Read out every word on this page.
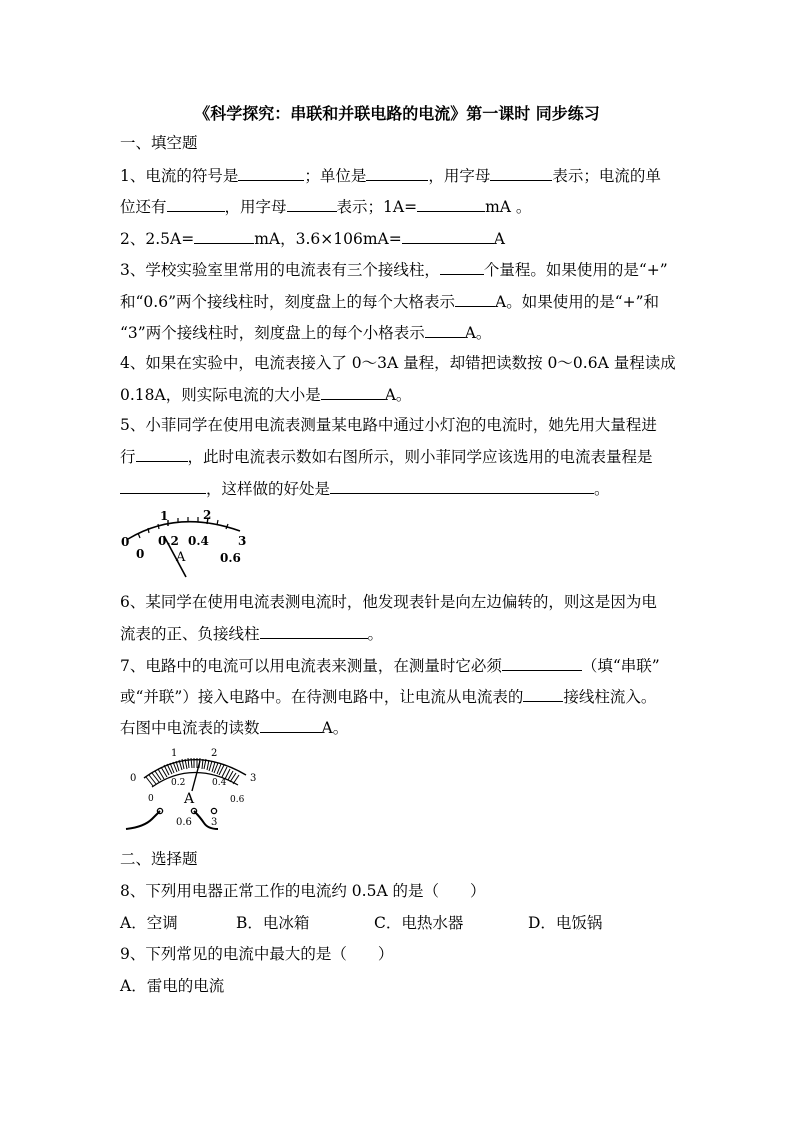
《科学探究：串联和并联电路的电流》第一课时 同步练习
一、填空题
1、电流的符号是	；单位是	，用字母	表示；电流的单
位还有	，用字母	表示；1A=	mA 。
2、2.5A=	mA，3.6×106mA=	A
3、学校实验室里常用的电流表有三个接线柱，	个量程。如果使用的是“+”
和“0.6”两个接线柱时，刻度盘上的每个大格表示	A。如果使用的是“+”和
“3”两个接线柱时，刻度盘上的每个小格表示	A。
4、如果在实验中，电流表接入了 0～3A 量程，却错把读数按 0～0.6A 量程读成
0.18A，则实际电流的大小是	A。
5、小菲同学在使用电流表测量某电路中通过小灯泡的电流时，她先用大量程进
行	，此时电流表示数如右图所示，则小菲同学应该选用的电流表量程是
，这样做的好处是	。
0
1	2
3
0
0.2 0.4
0.6
A
6、某同学在使用电流表测电流时，他发现表针是向左边偏转的，则这是因为电
流表的正、负接线柱	。
7、电路中的电流可以用电流表来测量，在测量时它必须	（填“串联”
或“并联”）接入电路中。在待测电路中，让电流从电流表的	接线柱流入。
右图中电流表的读数	A。
0
1	2
3
0
0.2	0.4
0.6
A
0.6 3
二、选择题
8、下列用电器正常工作的电流约 0.5A 的是（　　）
A．空调	B．电冰箱	C．电热水器	D．电饭锅
9、下列常见的电流中最大的是（　　）
A．雷电的电流
